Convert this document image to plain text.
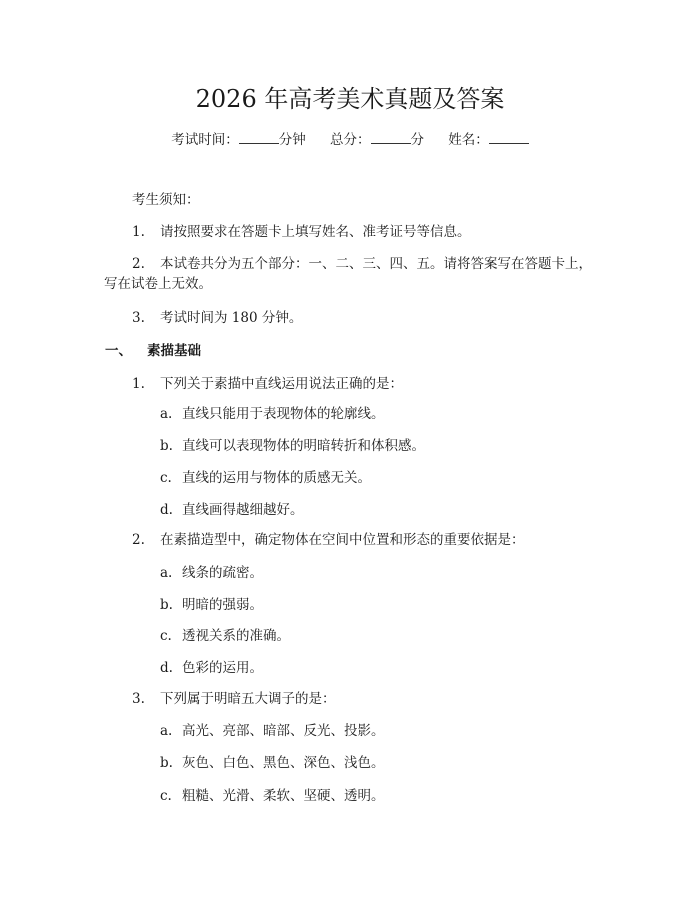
2026 年高考美术真题及答案
考试时间：	分钟 总分：	分 姓名：
考生须知：
1. 请按照要求在答题卡上填写姓名、准考证号等信息。
2. 本试卷共分为五个部分：一、二、三、四、五。请将答案写在答题卡上，
写在试卷上无效。
3. 考试时间为 180 分钟。
一、 素描基础
1. 下列关于素描中直线运用说法正确的是：
a. 直线只能用于表现物体的轮廓线。
b. 直线可以表现物体的明暗转折和体积感。
c. 直线的运用与物体的质感无关。
d. 直线画得越细越好。
2. 在素描造型中，确定物体在空间中位置和形态的重要依据是：
a. 线条的疏密。
b. 明暗的强弱。
c. 透视关系的准确。
d. 色彩的运用。
3. 下列属于明暗五大调子的是：
a. 高光、亮部、暗部、反光、投影。
b. 灰色、白色、黑色、深色、浅色。
c. 粗糙、光滑、柔软、坚硬、透明。
